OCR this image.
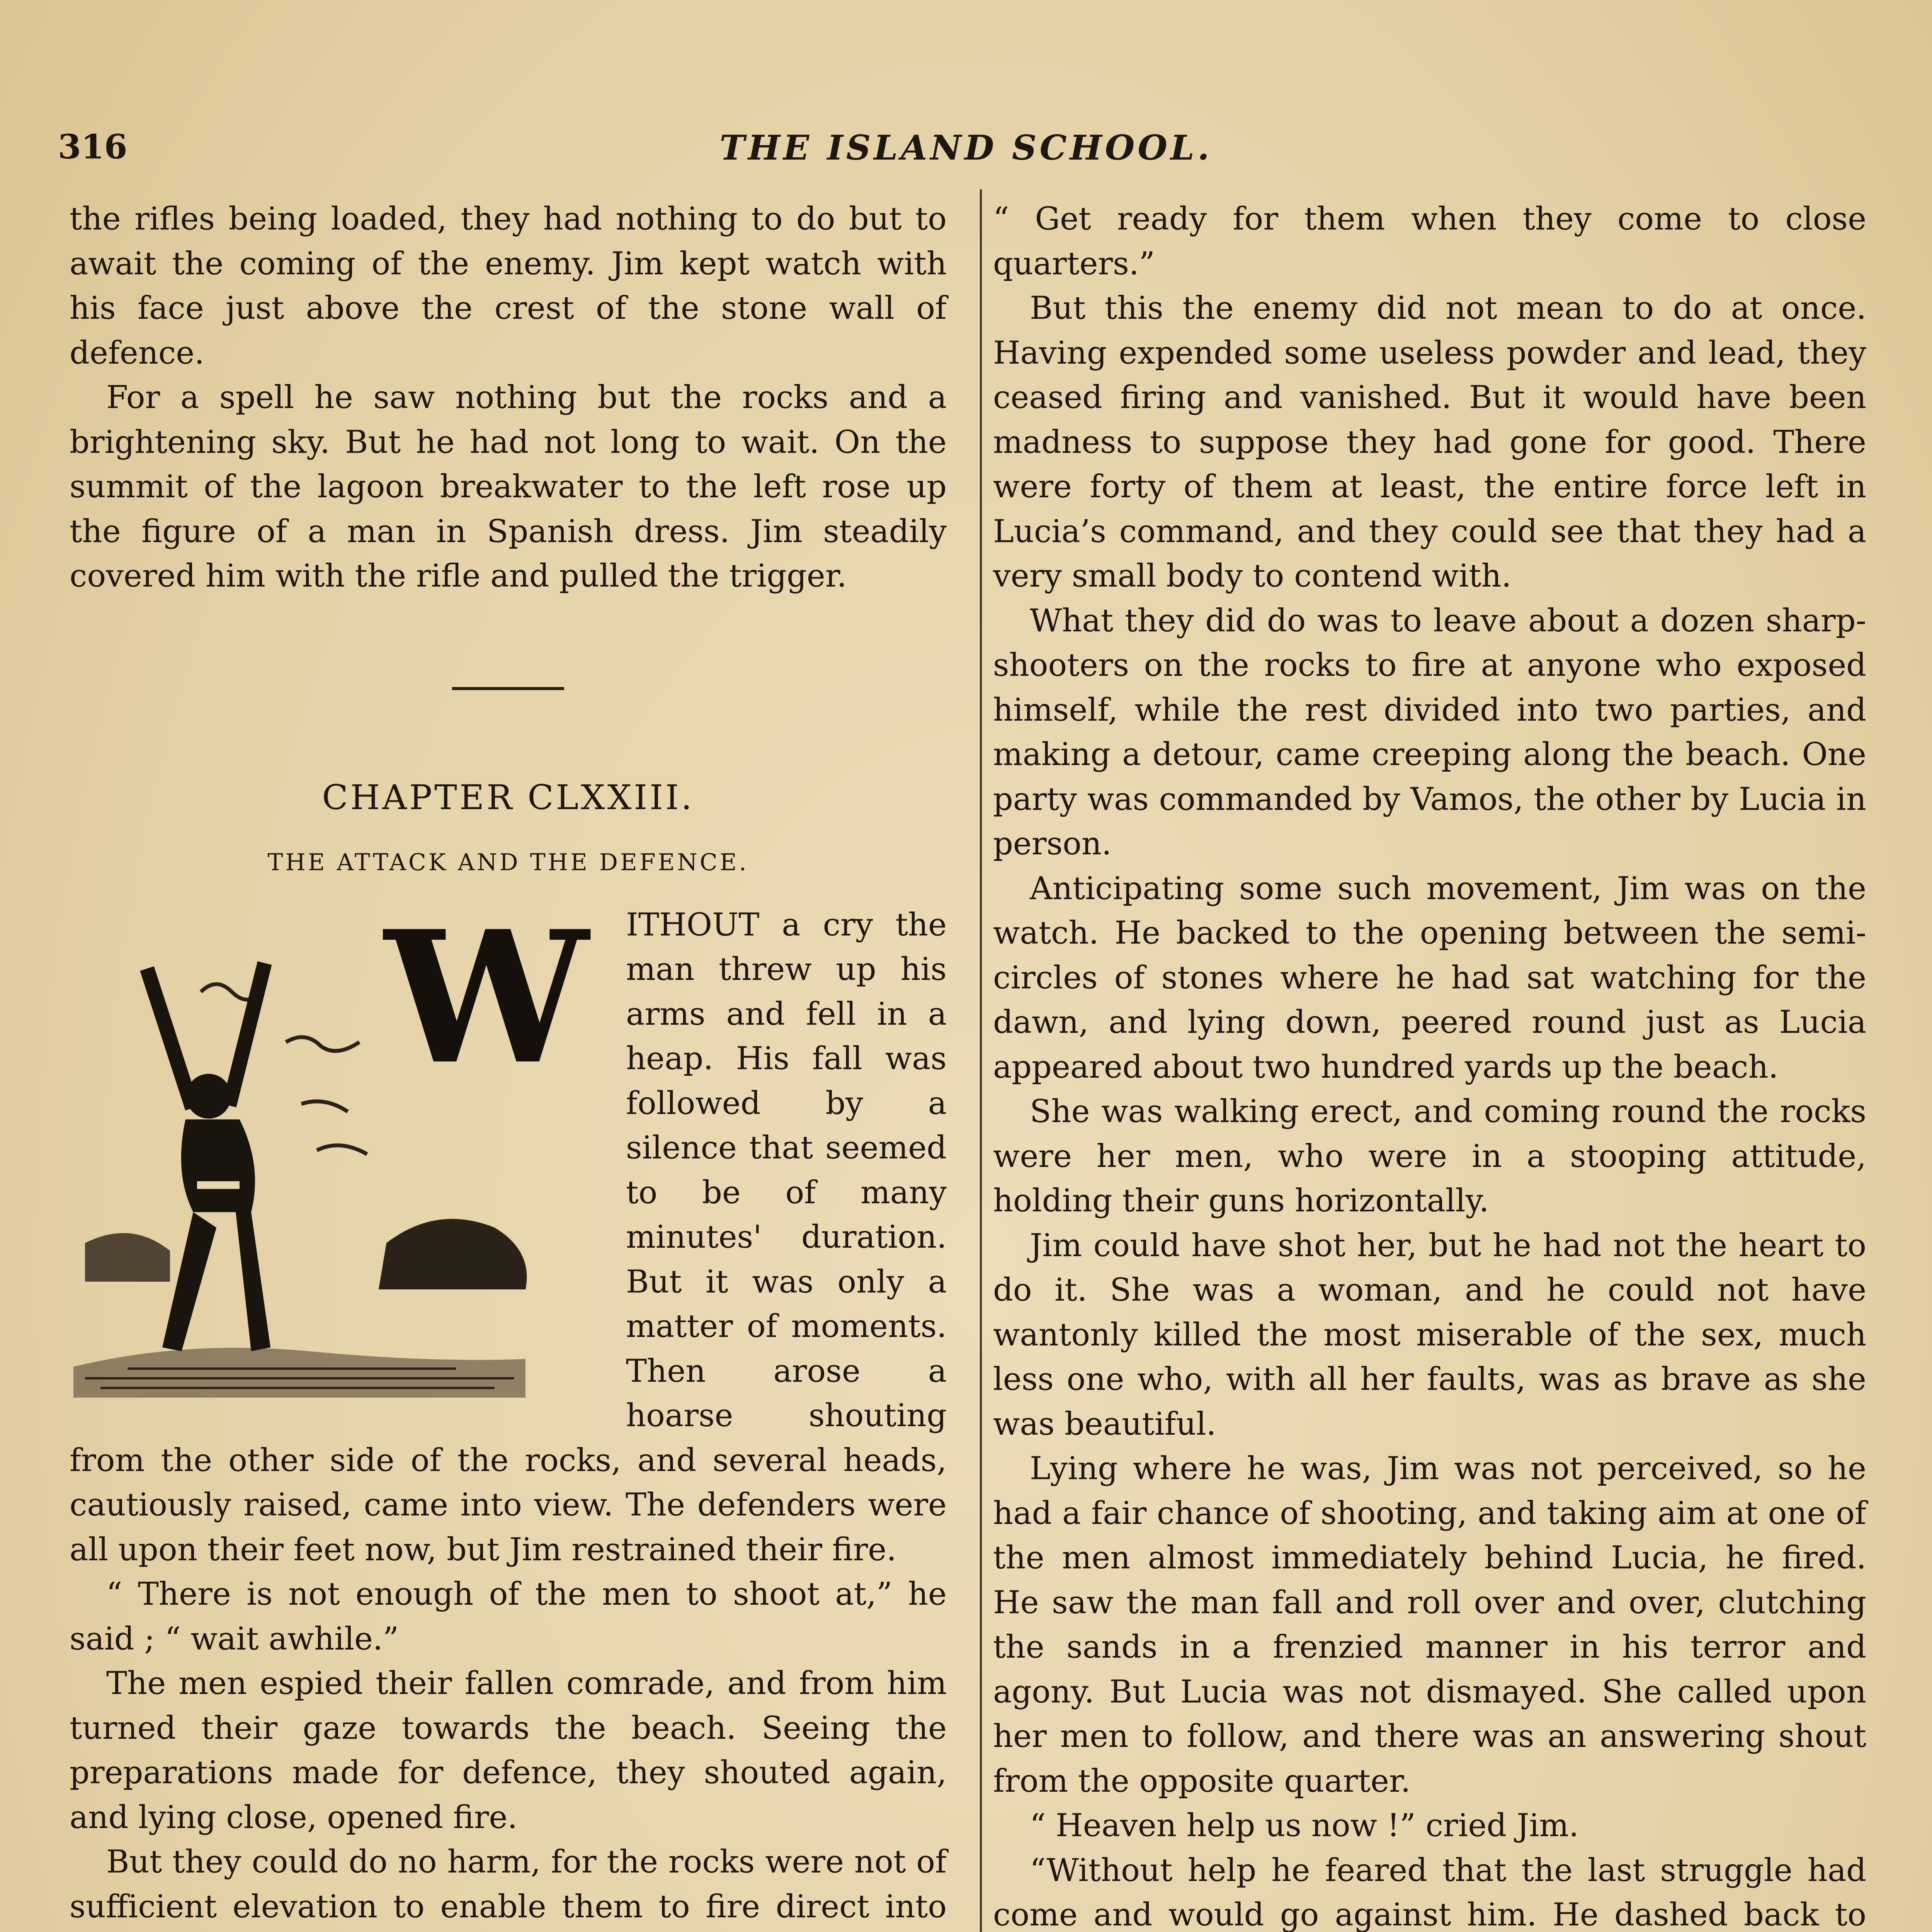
316	THE ISLAND SCHOOL.

the rifles being loaded, they had nothing to do but to await the coming of the enemy. Jim kept watch with his face just above the crest of the stone wall of defence.

For a spell he saw nothing but the rocks and a brightening sky. But he had not long to wait. On the summit of the lagoon breakwater to the left rose up the figure of a man in Spanish dress. Jim steadily covered him with the rifle and pulled the trigger.

CHAPTER CLXXIII.
THE ATTACK AND THE DEFENCE.
W	ITHOUT a cry the man threw up his arms and fell in a heap. His fall was followed by a silence that seemed to be of many minutes' duration. But it was only a matter of moments. Then arose a hoarse shouting from the other side of the rocks, and several heads, cautiously raised, came into view. The defenders were all upon their feet now, but Jim restrained their fire.

“ There is not enough of the men to shoot at,” he said ; “ wait awhile.”

The men espied their fallen comrade, and from him turned their gaze towards the beach. Seeing the preparations made for defence, they shouted again, and lying close, opened fire.

But they could do no harm, for the rocks were not of sufficient elevation to enable them to fire direct into

“ Get ready for them when they come to close quarters.”

But this the enemy did not mean to do at once. Having expended some useless powder and lead, they ceased firing and vanished. But it would have been madness to suppose they had gone for good. There were forty of them at least, the entire force left in Lucia’s command, and they could see that they had a very small body to contend with.

What they did do was to leave about a dozen sharp-shooters on the rocks to fire at anyone who exposed himself, while the rest divided into two parties, and making a detour, came creeping along the beach. One party was commanded by Vamos, the other by Lucia in person.

Anticipating some such movement, Jim was on the watch. He backed to the opening between the semi-circles of stones where he had sat watching for the dawn, and lying down, peered round just as Lucia appeared about two hundred yards up the beach.

She was walking erect, and coming round the rocks were her men, who were in a stooping attitude, holding their guns horizontally.

Jim could have shot her, but he had not the heart to do it. She was a woman, and he could not have wantonly killed the most miserable of the sex, much less one who, with all her faults, was as brave as she was beautiful.

Lying where he was, Jim was not perceived, so he had a fair chance of shooting, and taking aim at one of the men almost immediately behind Lucia, he fired. He saw the man fall and roll over and over, clutching the sands in a frenzied manner in his terror and agony. But Lucia was not dismayed. She called upon her men to follow, and there was an answering shout from the opposite quarter.

“ Heaven help us now !” cried Jim.

“Without help he feared that the last struggle had come and would go against him. He dashed back to
